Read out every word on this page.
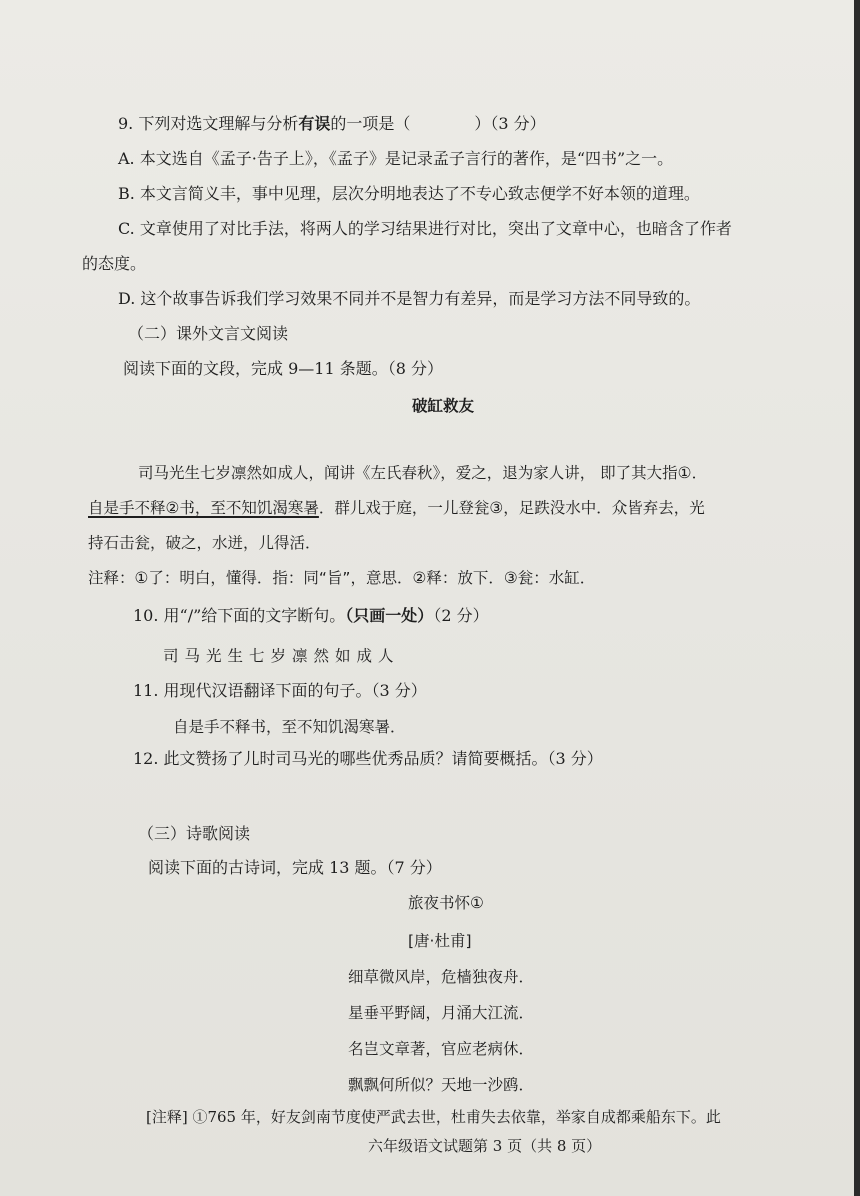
9. 下列对选文理解与分析有误的一项是（　　　　）（3 分）
A. 本文选自《孟子·告子上》，《孟子》是记录孟子言行的著作，是“四书”之一。
B. 本文言简义丰，事中见理，层次分明地表达了不专心致志便学不好本领的道理。
C. 文章使用了对比手法，将两人的学习结果进行对比，突出了文章中心，也暗含了作者
的态度。
D. 这个故事告诉我们学习效果不同并不是智力有差异，而是学习方法不同导致的。
（二）课外文言文阅读
阅读下面的文段，完成 9—11 条题。（8 分）
破缸救友
司马光生七岁凛然如成人，闻讲《左氏春秋》，爱之，退为家人讲， 即了其大指①．
自是手不释②书，至不知饥渴寒暑．群儿戏于庭，一儿登瓮③，足跌没水中．众皆弃去，光
持石击瓮，破之，水迸，儿得活．
注释：①了：明白，懂得．指：同“旨”，意思．②释：放下．③瓮：水缸．
10. 用“/”给下面的文字断句。（只画一处）（2 分）
司马光生七岁凛然如成人
11. 用现代汉语翻译下面的句子。（3 分）
自是手不释书，至不知饥渴寒暑．
12. 此文赞扬了儿时司马光的哪些优秀品质？请简要概括。（3 分）
（三）诗歌阅读
阅读下面的古诗词，完成 13 题。（7 分）
旅夜书怀①
[唐·杜甫]
细草微风岸，危樯独夜舟．
星垂平野阔，月涌大江流．
名岂文章著，官应老病休．
飘飘何所似？天地一沙鸥．
[注释] ①765 年，好友剑南节度使严武去世，杜甫失去依靠，举家自成都乘船东下。此
六年级语文试题第 3 页（共 8 页）
